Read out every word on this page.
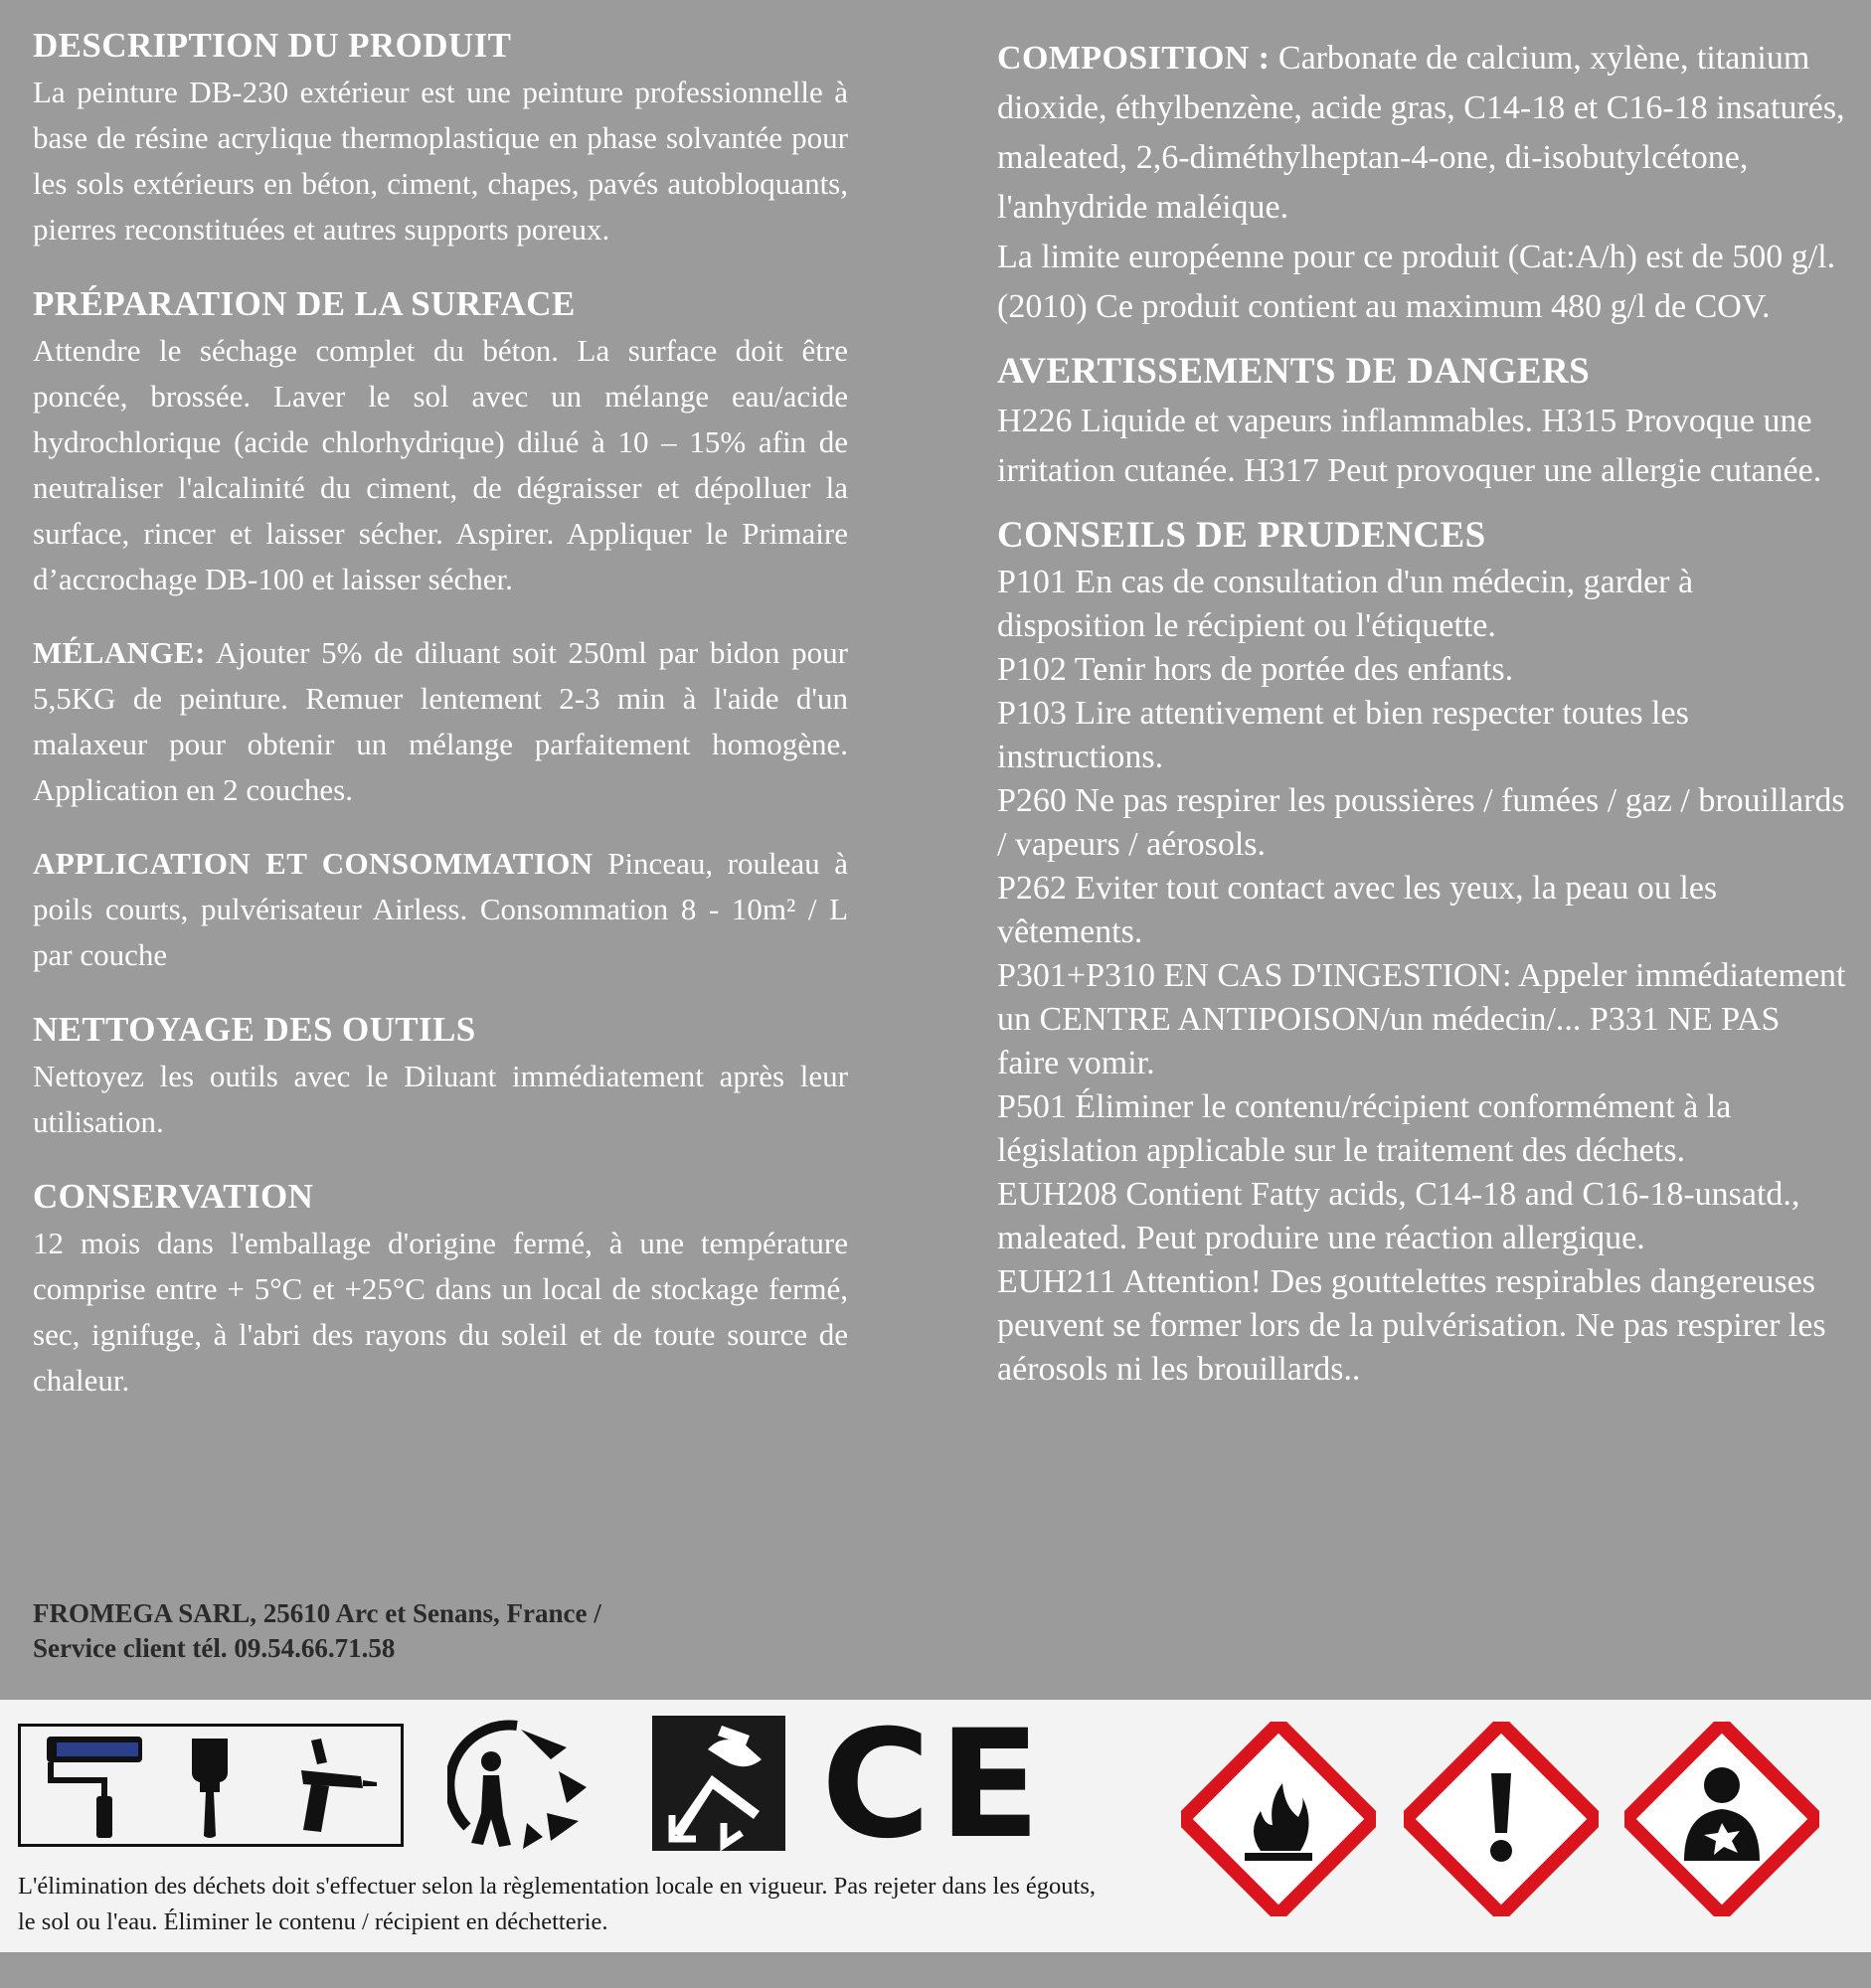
DESCRIPTION DU PRODUIT

La peinture DB-230 extérieur est une peinture professionnelle à base de résine acrylique thermoplastique en phase solvantée pour les sols extérieurs en béton, ciment, chapes, pavés autobloquants, pierres reconstituées et autres supports poreux.

PRÉPARATION DE LA SURFACE

Attendre le séchage complet du béton. La surface doit être poncée, brossée. Laver le sol avec un mélange eau/acide hydrochlorique (acide chlorhydrique) dilué à 10 – 15% afin de neutraliser l'alcalinité du ciment, de dégraisser et dépolluer la surface, rincer et laisser sécher. Aspirer. Appliquer le Primaire d’accrochage DB-100 et laisser sécher.

MÉLANGE: Ajouter 5% de diluant soit 250ml par bidon pour 5,5KG de peinture. Remuer lentement 2-3 min à l'aide d'un malaxeur pour obtenir un mélange parfaitement homogène. Application en 2 couches.

APPLICATION ET CONSOMMATION Pinceau, rouleau à poils courts, pulvérisateur Airless. Consommation 8 - 10m² / L par couche

NETTOYAGE DES OUTILS

Nettoyez les outils avec le Diluant immédiatement après leur utilisation.

CONSERVATION

12 mois dans l'emballage d'origine fermé, à une température comprise entre + 5°C et +25°C dans un local de stockage fermé, sec, ignifuge, à l'abri des rayons du soleil et de toute source de chaleur.

FROMEGA SARL, 25610 Arc et Senans, France /
Service client tél. 09.54.66.71.58

COMPOSITION : Carbonate de calcium, xylène, titanium dioxide, éthylbenzène, acide gras, C14-18 et C16-18 insaturés, maleated, 2,6-diméthylheptan-4-one, di-isobutylcétone, l'anhydride maléique.

La limite européenne pour ce produit (Cat:A/h) est de 500 g/l. (2010) Ce produit contient au maximum 480 g/l de COV.

AVERTISSEMENTS DE DANGERS

H226 Liquide et vapeurs inflammables. H315 Provoque une irritation cutanée. H317 Peut provoquer une allergie cutanée.

CONSEILS DE PRUDENCES

P101 En cas de consultation d'un médecin, garder à disposition le récipient ou l'étiquette.

P102 Tenir hors de portée des enfants.

P103 Lire attentivement et bien respecter toutes les instructions.

P260 Ne pas respirer les poussières / fumées / gaz / brouillards / vapeurs / aérosols.

P262 Eviter tout contact avec les yeux, la peau ou les vêtements.

P301+P310 EN CAS D'INGESTION: Appeler immédiatement un CENTRE ANTIPOISON/un médecin/... P331 NE PAS faire vomir.

P501 Éliminer le contenu/récipient conformément à la législation applicable sur le traitement des déchets.

EUH208 Contient Fatty acids, C14-18 and C16-18-unsatd., maleated. Peut produire une réaction allergique.

EUH211 Attention! Des gouttelettes respirables dangereuses peuvent se former lors de la pulvérisation. Ne pas respirer les aérosols ni les brouillards..

CE
L'élimination des déchets doit s'effectuer selon la règlementation locale en vigueur. Pas rejeter dans les égouts,
le sol ou l'eau. Éliminer le contenu / récipient en déchetterie.
